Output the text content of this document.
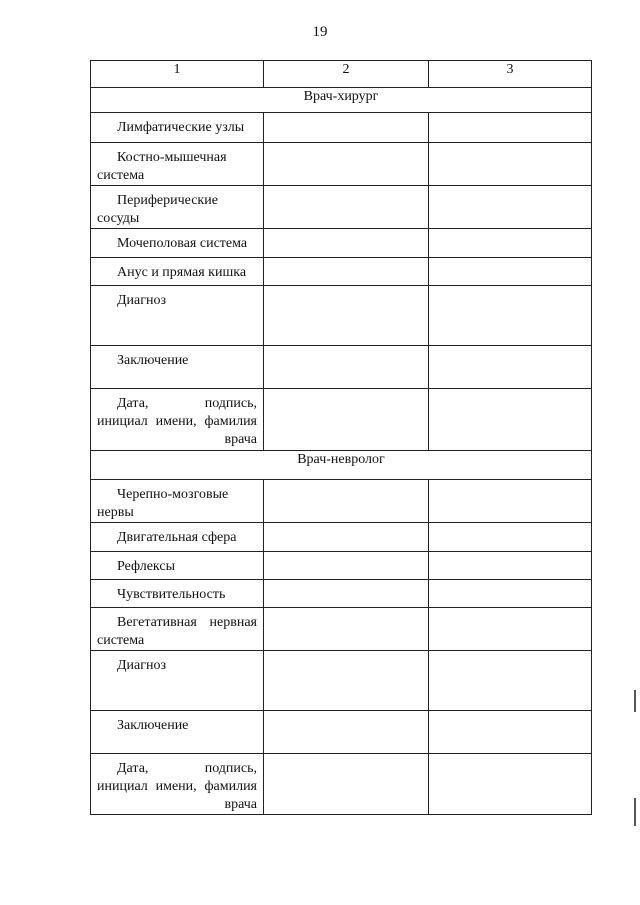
19
1	2	3
Врач-хирург		
Лимфатические узлы		
Костно-мышечная система		
Периферические сосуды		
Мочеполовая система		
Анус и прямая кишка		
Диагноз		
Заключение		
Дата, подпись, инициал имени, фамилия врача		
Врач-невролог		
Черепно-мозговые нервы		
Двигательная сфера		
Рефлексы		
Чувствительность		
Вегетативная нервная система		
Диагноз		
Заключение		
Дата, подпись, инициал имени, фамилия врача		
